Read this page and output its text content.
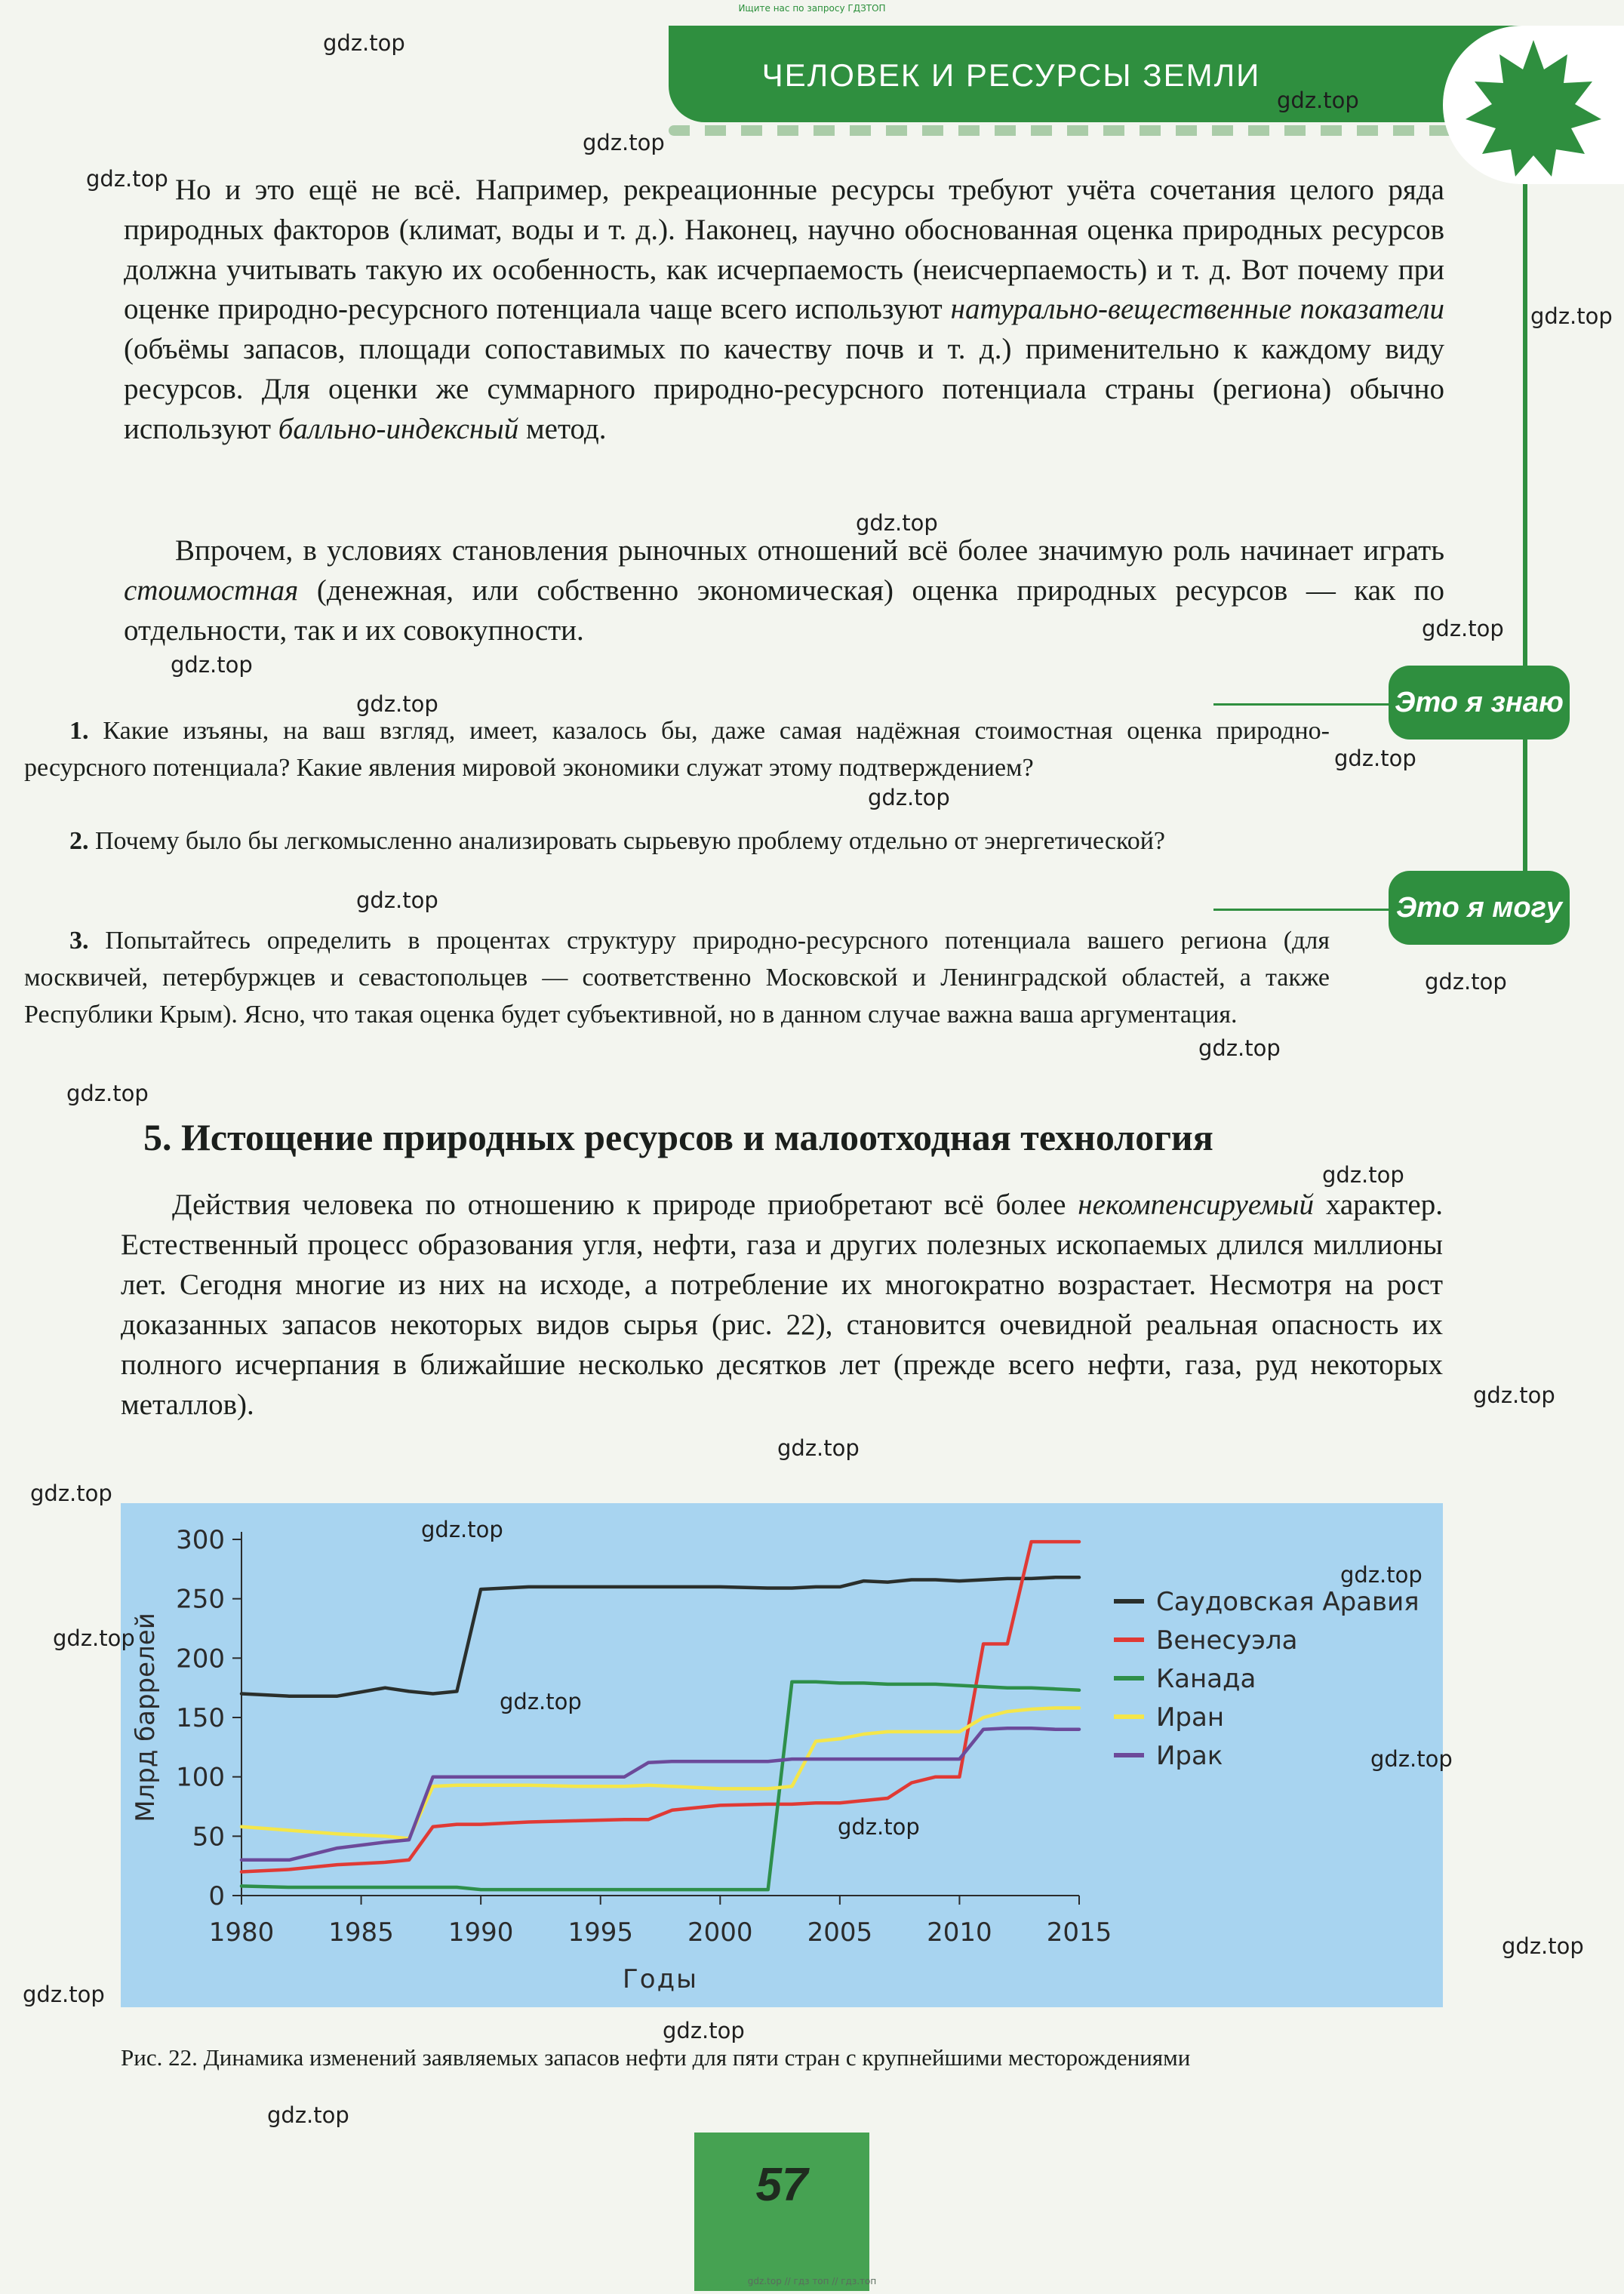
Ищите нас по запросу ГДЗТОП
ЧЕЛОВЕК И РЕСУРСЫ ЗЕМЛИ
Это я знаю
Это я могу
Но и это ещё не всё. Например, рекреационные ресурсы требуют учёта сочетания целого ряда природных факторов (климат, воды и т. д.). Наконец, научно обоснованная оценка природных ресурсов должна учитывать такую их особенность, как исчерпаемость (неисчерпаемость) и т. д. Вот почему при оценке природно-ресурсного потенциала чаще всего используют натурально-вещественные показатели (объёмы запасов, площади сопоставимых по качеству почв и т. д.) применительно к каждому виду ресурсов. Для оценки же суммарного природно-ресурсного потенциала страны (региона) обычно используют балльно-индексный метод.
Впрочем, в условиях становления рыночных отношений всё более значимую роль начинает играть стоимостная (денежная, или собственно экономическая) оценка природных ресурсов — как по отдельности, так и их совокупности.
1. Какие изъяны, на ваш взгляд, имеет, казалось бы, даже самая надёжная стоимостная оценка природно-ресурсного потенциала? Какие явления мировой экономики служат этому подтверждением?
2. Почему было бы легкомысленно анализировать сырьевую проблему отдельно от энергетической?
3. Попытайтесь определить в процентах структуру природно-ресурсного потенциала вашего региона (для москвичей, петербуржцев и севастопольцев — соответственно Московской и Ленинградской областей, а также Республики Крым). Ясно, что такая оценка будет субъективной, но в данном случае важна ваша аргументация.
5. Истощение природных ресурсов и малоотходная технология
Действия человека по отношению к природе приобретают всё более некомпенсируемый характер. Естественный процесс образования угля, нефти, газа и других полезных ископаемых длился миллионы лет. Сегодня многие из них на исходе, а потребление их многократно возрастает. Несмотря на рост доказанных запасов некоторых видов сырья (рис. 22), становится очевидной реальная опасность их полного исчерпания в ближайшие несколько десятков лет (прежде всего нефти, газа, руд некоторых металлов).
0
50
100
150
200
250
300
1980 1985 1990 1995 2000 2005 2010 2015
Годы
Млрд баррелей
Саудовская Аравия
Венесуэла
Канада
Иран
Ирак
Рис. 22. Динамика изменений заявляемых запасов нефти для пяти стран с крупнейшими месторождениями
57
gdz.top // гдз топ // гдз.топ
gdz.top
gdz.top
gdz.top
gdz.top
gdz.top
gdz.top
gdz.top
gdz.top
gdz.top
gdz.top
gdz.top
gdz.top
gdz.top
gdz.top
gdz.top
gdz.top
gdz.top
gdz.top
gdz.top
gdz.top
gdz.top
gdz.top
gdz.top
gdz.top
gdz.top
gdz.top
gdz.top
gdz.top
gdz.top
